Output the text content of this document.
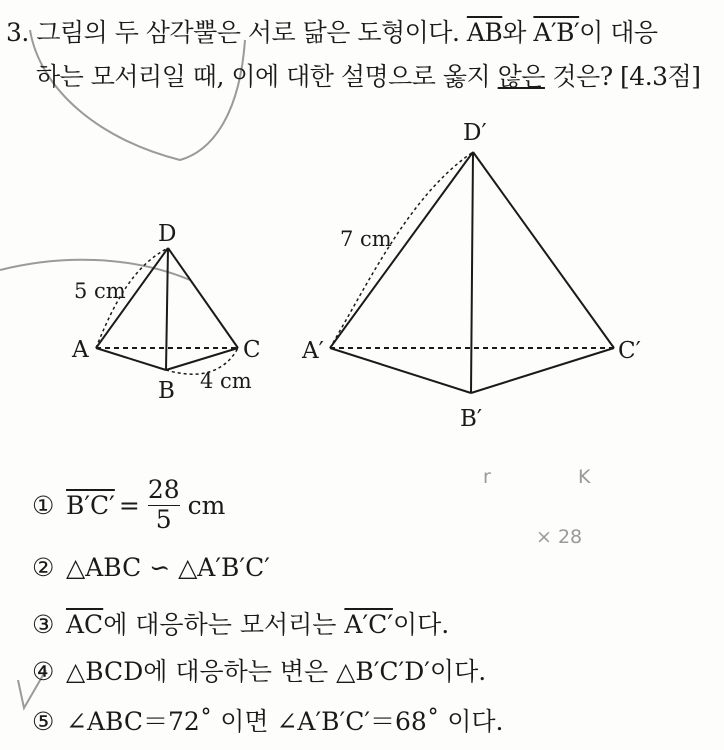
3. 그림의 두 삼각뿔은 서로 닮은 도형이다. $\overline{AB}$와 A′B′이 대응
하는 모서리일 때, 이에 대한 설명으로 옳지 않은 것은? [4.3점]
D
A	C
B
5 cm
4 cm
D′
A′	C′
B′
7 cm
r	K
× 28
① $B'C' = \frac{28}{5}$ cm
② △ABC ∽ △A′B′C′
③ $\overline{AC}$에 대응하는 모서리는 A′C′이다.
④ △BCD에 대응하는 변은 △B′C′D′이다.
⑤ ∠ABC＝72˚ 이면 ∠A′B′C′＝68˚ 이다.
